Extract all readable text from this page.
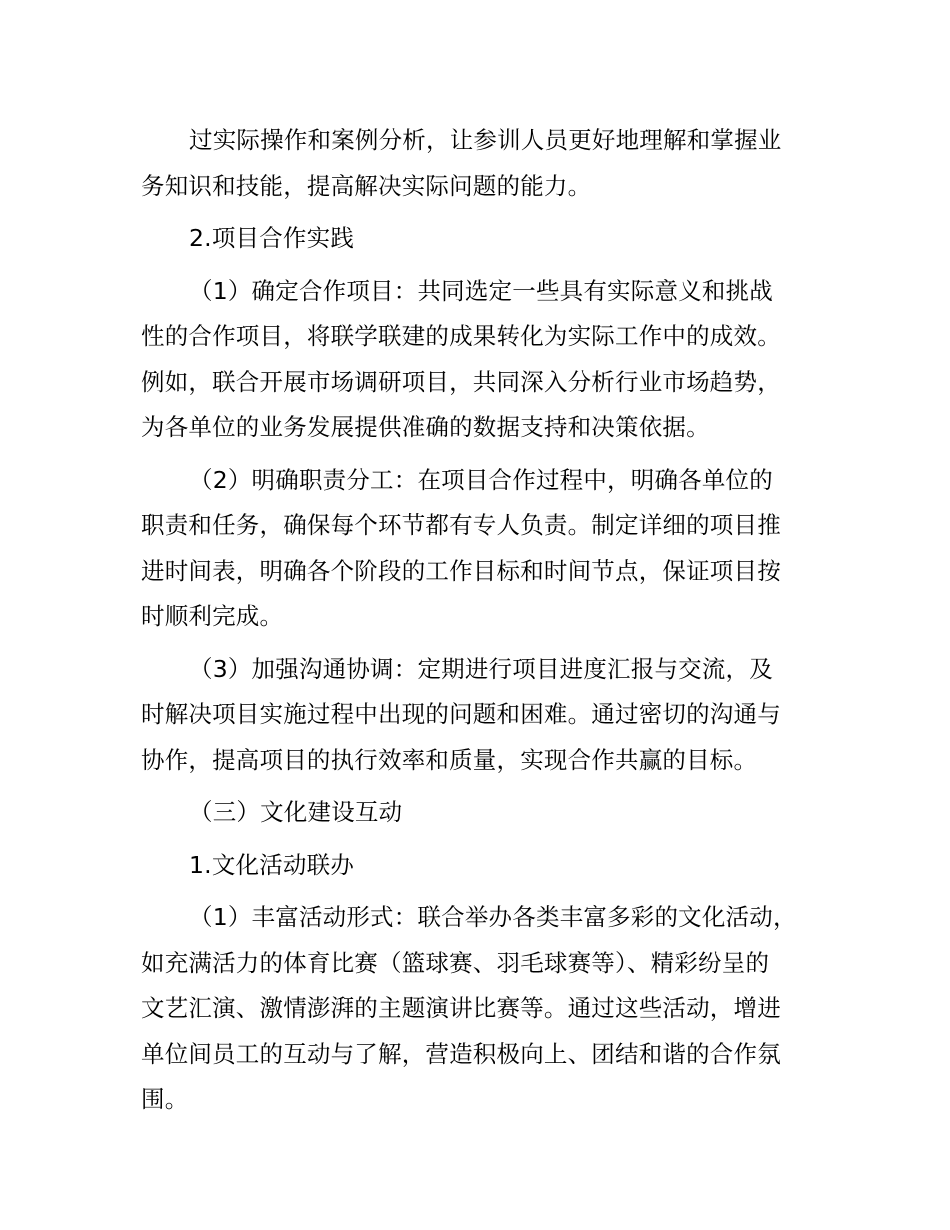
过实际操作和案例分析，让参训人员更好地理解和掌握业
务知识和技能，提高解决实际问题的能力。
2.项目合作实践
（1）确定合作项目：共同选定一些具有实际意义和挑战
性的合作项目，将联学联建的成果转化为实际工作中的成效。
例如，联合开展市场调研项目，共同深入分析行业市场趋势，
为各单位的业务发展提供准确的数据支持和决策依据。
（2）明确职责分工：在项目合作过程中，明确各单位的
职责和任务，确保每个环节都有专人负责。制定详细的项目推
进时间表，明确各个阶段的工作目标和时间节点，保证项目按
时顺利完成。
（3）加强沟通协调：定期进行项目进度汇报与交流，及
时解决项目实施过程中出现的问题和困难。通过密切的沟通与
协作，提高项目的执行效率和质量，实现合作共赢的目标。
（三）文化建设互动
1.文化活动联办
（1）丰富活动形式：联合举办各类丰富多彩的文化活动，
如充满活力的体育比赛（篮球赛、羽毛球赛等）、精彩纷呈的
文艺汇演、激情澎湃的主题演讲比赛等。通过这些活动，增进
单位间员工的互动与了解，营造积极向上、团结和谐的合作氛
围。
